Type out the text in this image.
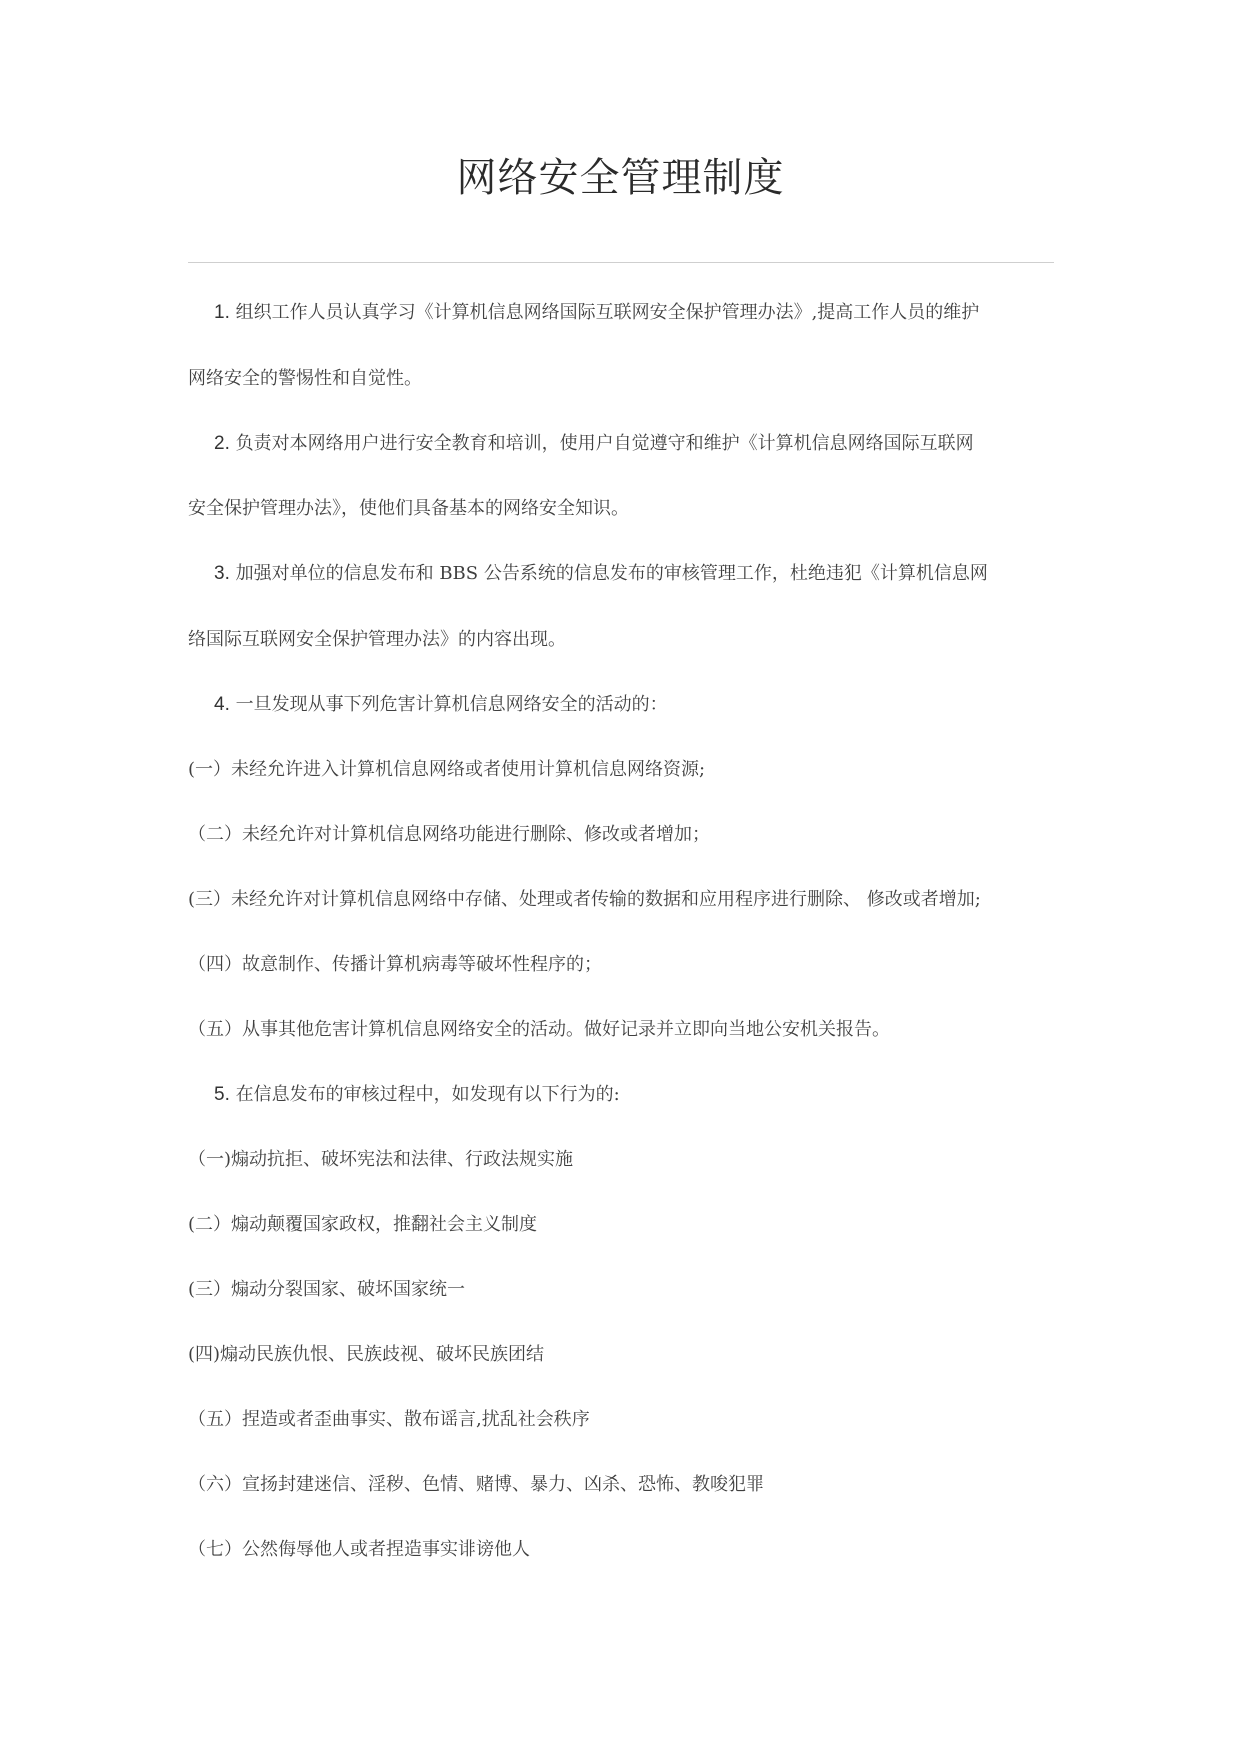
网络安全管理制度
1. 组织工作人员认真学习《计算机信息网络国际互联网安全保护管理办法》,提高工作人员的维护
网络安全的警惕性和自觉性。
2. 负责对本网络用户进行安全教育和培训，使用户自觉遵守和维护《计算机信息网络国际互联网
安全保护管理办法》，使他们具备基本的网络安全知识。
3. 加强对单位的信息发布和 BBS 公告系统的信息发布的审核管理工作，杜绝违犯《计算机信息网
络国际互联网安全保护管理办法》的内容出现。
4. 一旦发现从事下列危害计算机信息网络安全的活动的：
(一）未经允许进入计算机信息网络或者使用计算机信息网络资源;
（二）未经允许对计算机信息网络功能进行删除、修改或者增加；
(三）未经允许对计算机信息网络中存储、处理或者传输的数据和应用程序进行删除、 修改或者增加;
（四）故意制作、传播计算机病毒等破坏性程序的；
（五）从事其他危害计算机信息网络安全的活动。做好记录并立即向当地公安机关报告。
5. 在信息发布的审核过程中，如发现有以下行为的:
（一)煽动抗拒、破坏宪法和法律、行政法规实施
(二）煽动颠覆国家政权，推翻社会主义制度
(三）煽动分裂国家、破坏国家统一
(四)煽动民族仇恨、民族歧视、破坏民族团结
（五）捏造或者歪曲事实、散布谣言,扰乱社会秩序
（六）宣扬封建迷信、淫秽、色情、赌博、暴力、凶杀、恐怖、教唆犯罪
（七）公然侮辱他人或者捏造事实诽谤他人
